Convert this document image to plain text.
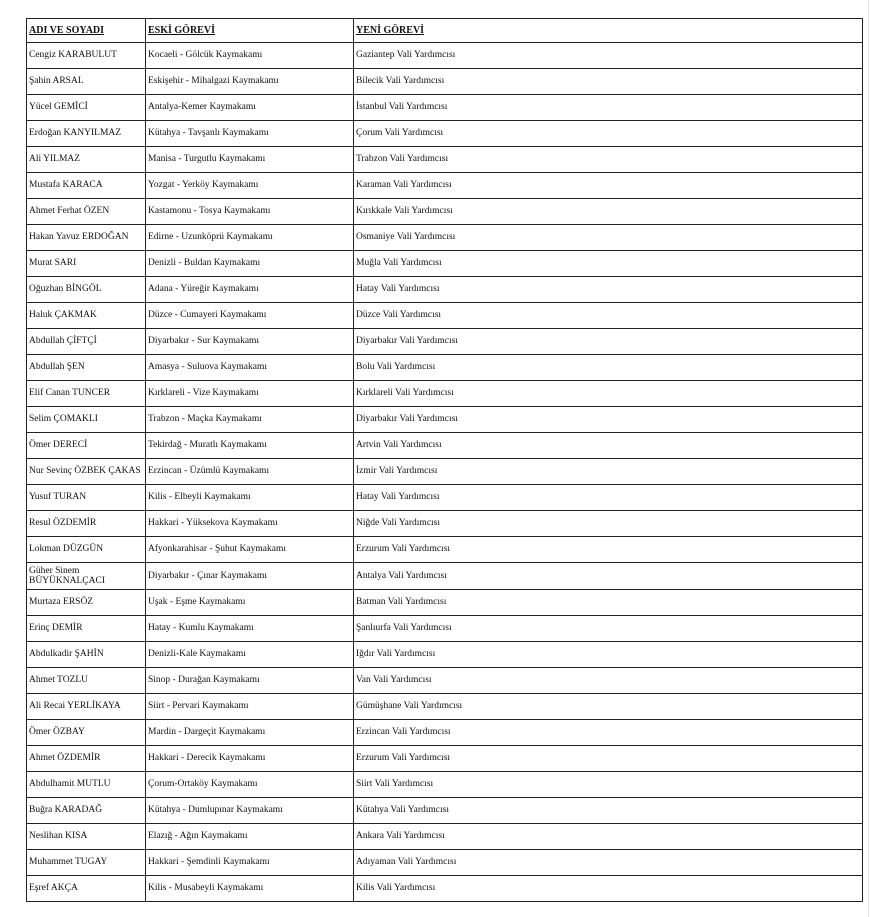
ADI VE SOYADI	ESKİ GÖREVİ	YENİ GÖREVİ
Cengiz KARABULUT	Kocaeli - Gölcük Kaymakamı	Gaziantep Vali Yardımcısı
Şahin ARSAL	Eskişehir - Mihalgazi Kaymakamı	Bilecik Vali Yardımcısı
Yücel GEMİCİ	Antalya-Kemer Kaymakamı	İstanbul Vali Yardımcısı
Erdoğan KANYILMAZ	Kütahya - Tavşanlı Kaymakamı	Çorum Vali Yardımcısı
Ali YILMAZ	Manisa - Turgutlu Kaymakamı	Trabzon Vali Yardımcısı
Mustafa KARACA	Yozgat - Yerköy Kaymakamı	Karaman Vali Yardımcısı
Ahmet Ferhat ÖZEN	Kastamonu - Tosya Kaymakamı	Kırıkkale Vali Yardımcısı
Hakan Yavuz ERDOĞAN	Edirne - Uzunköprü Kaymakamı	Osmaniye Vali Yardımcısı
Murat SARI	Denizli - Buldan Kaymakamı	Muğla Vali Yardımcısı
Oğuzhan BİNGÖL	Adana - Yüreğir Kaymakamı	Hatay Vali Yardımcısı
Haluk ÇAKMAK	Düzce - Cumayeri Kaymakamı	Düzce Vali Yardımcısı
Abdullah ÇİFTÇİ	Diyarbakır - Sur Kaymakamı	Diyarbakır Vali Yardımcısı
Abdullah ŞEN	Amasya - Suluova Kaymakamı	Bolu Vali Yardımcısı
Elif Canan TUNCER	Kırklareli - Vize Kaymakamı	Kırklareli Vali Yardımcısı
Selim ÇOMAKLI	Trabzon - Maçka Kaymakamı	Diyarbakır Vali Yardımcısı
Ömer DERECİ	Tekirdağ - Muratlı Kaymakamı	Artvin Vali Yardımcısı
Nur Sevinç ÖZBEK ÇAKAS	Erzincan - Üzümlü Kaymakamı	İzmir Vali Yardımcısı
Yusuf TURAN	Kilis - Elbeyli Kaymakamı	Hatay Vali Yardımcısı
Resul ÖZDEMİR	Hakkari - Yüksekova Kaymakamı	Niğde Vali Yardımcısı
Lokman DÜZGÜN	Afyonkarahisar - Şuhut Kaymakamı	Erzurum Vali Yardımcısı
Güher Sinem BÜYÜKNALÇACI	Diyarbakır - Çınar Kaymakamı	Antalya Vali Yardımcısı
Murtaza ERSÖZ	Uşak - Eşme Kaymakamı	Batman Vali Yardımcısı
Erinç DEMİR	Hatay - Kumlu Kaymakamı	Şanlıurfa Vali Yardımcısı
Abdulkadir ŞAHİN	Denizli-Kale Kaymakamı	Iğdır Vali Yardımcısı
Ahmet TOZLU	Sinop - Durağan Kaymakamı	Van Vali Yardımcısı
Ali Recai YERLİKAYA	Siirt - Pervari Kaymakamı	Gümüşhane Vali Yardımcısı
Ömer ÖZBAY	Mardin - Dargeçit Kaymakamı	Erzincan Vali Yardımcısı
Ahmet ÖZDEMİR	Hakkari - Derecik Kaymakamı	Erzurum Vali Yardımcısı
Abdulhamit MUTLU	Çorum-Ortaköy Kaymakamı	Siirt Vali Yardımcısı
Buğra KARADAĞ	Kütahya - Dumlupınar Kaymakamı	Kütahya Vali Yardımcısı
Neslihan KISA	Elazığ - Ağın Kaymakamı	Ankara Vali Yardımcısı
Muhammet TUGAY	Hakkari - Şemdinli Kaymakamı	Adıyaman Vali Yardımcısı
Eşref AKÇA	Kilis - Musabeyli Kaymakamı	Kilis Vali Yardımcısı
